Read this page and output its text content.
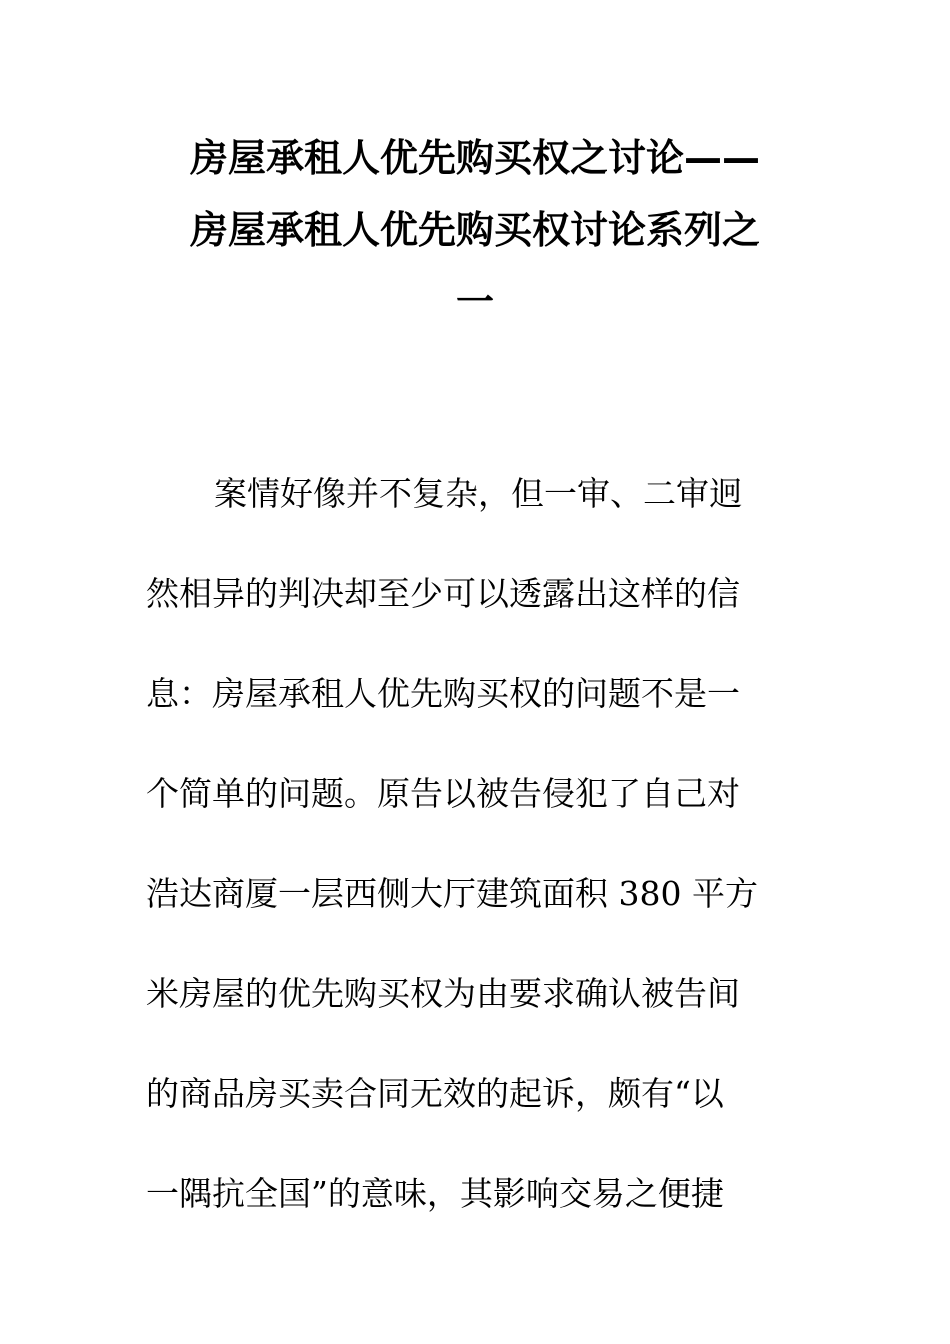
房屋承租人优先购买权之讨论——
房屋承租人优先购买权讨论系列之
一

案情好像并不复杂，但一审、二审迥
然相异的判决却至少可以透露出这样的信
息：房屋承租人优先购买权的问题不是一
个简单的问题。原告以被告侵犯了自己对
浩达商厦一层西侧大厅建筑面积 380 平方
米房屋的优先购买权为由要求确认被告间
的商品房买卖合同无效的起诉，颇有“以
一隅抗全国”的意味，其影响交易之便捷
